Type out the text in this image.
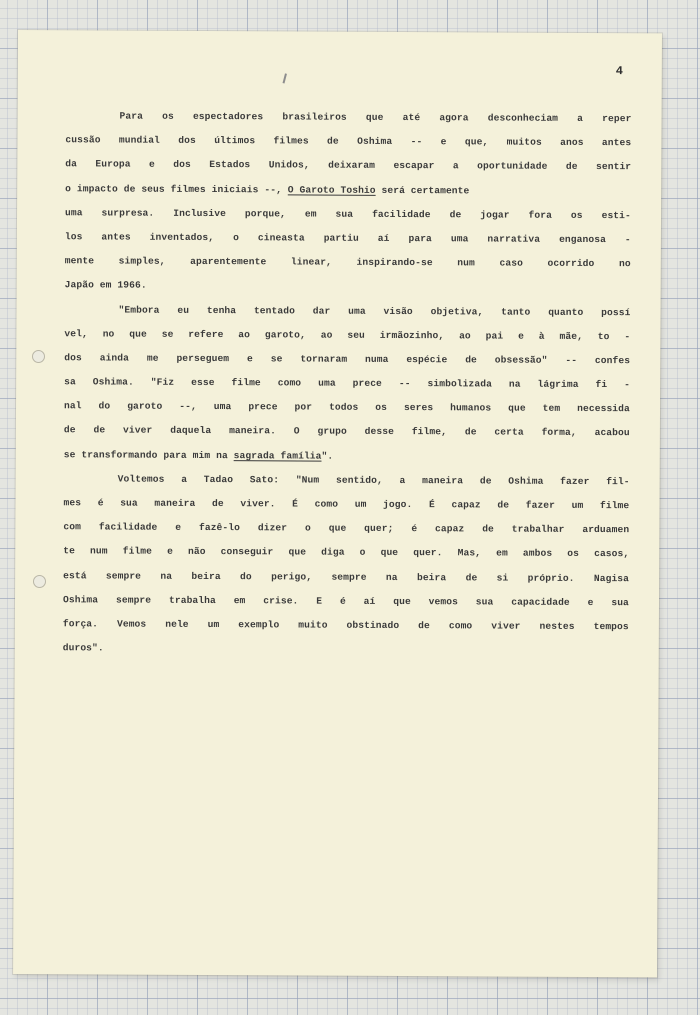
4
Para os espectadores brasileiros que até agora desconheciam a reper
cussão mundial dos últimos filmes de Oshima -- e que, muitos anos antes
da Europa e dos Estados Unidos, deixaram escapar a oportunidade de sentir
o impacto de seus filmes iniciais --, O Garoto Toshio será certamente
uma surpresa. Inclusive porque, em sua facilidade de jogar fora os esti-
los antes inventados, o cineasta partiu aí para uma narrativa enganosa -
mente	simples,	aparentemente	linear,	inspirando-se	num	caso	ocorrido	no
Japão em 1966.
"Embora eu tenha tentado dar uma visão objetiva, tanto quanto possí
vel, no que se refere ao garoto, ao seu irmãozinho, ao pai e à mãe, to -
dos ainda me perseguem e se tornaram numa espécie de obsessão" -- confes
sa Oshima. "Fiz esse filme como uma prece -- simbolizada na lágrima fi -
nal do garoto --, uma prece por todos os seres humanos que tem necessida
de de viver daquela maneira. O grupo desse filme, de certa forma, acabou
se transformando para mim na sagrada família".
Voltemos a Tadao Sato: "Num sentido, a maneira de Oshima fazer fil-
mes é sua maneira de viver. É como um jogo. É capaz de fazer um filme
com facilidade e fazê-lo dizer o que quer; é capaz de trabalhar arduamen
te num filme e não conseguir que diga o que quer. Mas, em ambos os casos,
está sempre na beira do perigo, sempre na beira de si próprio. Nagisa
Oshima sempre trabalha em crise. E é aí que vemos sua capacidade e sua
força. Vemos nele um exemplo muito obstinado de como viver nestes tempos
duros".
